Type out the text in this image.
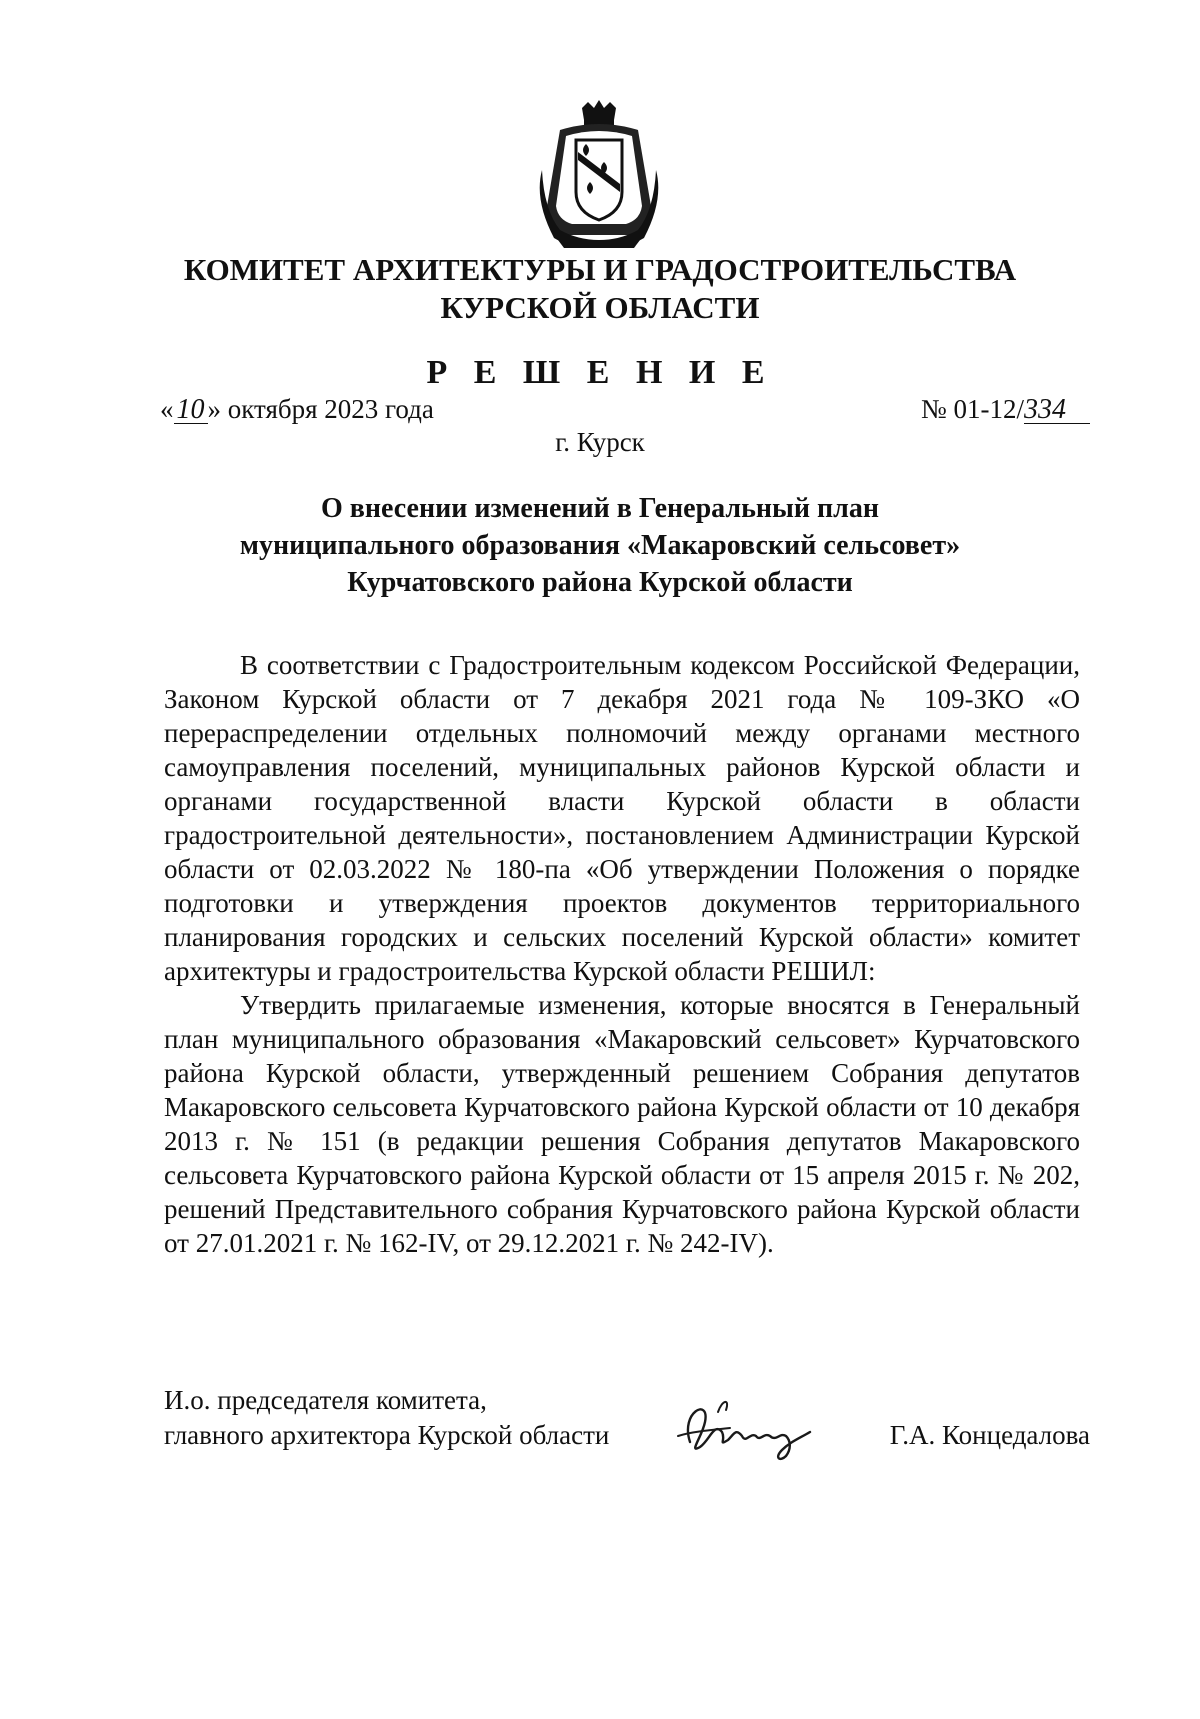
КОМИТЕТ АРХИТЕКТУРЫ И ГРАДОСТРОИТЕЛЬСТВА
КУРСКОЙ ОБЛАСТИ
Р Е Ш Е Н И Е
« 10 » октября 2023 года	№ 01-12/334
г. Курск
О внесении изменений в Генеральный план
муниципального образования «Макаровский сельсовет»
Курчатовского района Курской области

В соответствии с Градостроительным кодексом Российской Федерации, Законом Курской области от 7 декабря 2021 года № 109-ЗКО «О перераспределении отдельных полномочий между органами местного самоуправления поселений, муниципальных районов Курской области и органами государственной власти Курской области в области градостроительной деятельности», постановлением Администрации Курской области от 02.03.2022 № 180-па «Об утверждении Положения о порядке подготовки и утверждения проектов документов территориального планирования городских и сельских поселений Курской области» комитет архитектуры и градостроительства Курской области РЕШИЛ:

Утвердить прилагаемые изменения, которые вносятся в Генеральный план муниципального образования «Макаровский сельсовет» Курчатовского района Курской области, утвержденный решением Собрания депутатов Макаровского сельсовета Курчатовского района Курской области от 10 декабря 2013 г. № 151 (в редакции решения Собрания депутатов Макаровского сельсовета Курчатовского района Курской области от 15 апреля 2015 г. № 202, решений Представительного собрания Курчатовского района Курской области от 27.01.2021 г. № 162-IV, от 29.12.2021 г. № 242-IV).

И.о. председателя комитета,
главного архитектора Курской области	Г.А. Концедалова
